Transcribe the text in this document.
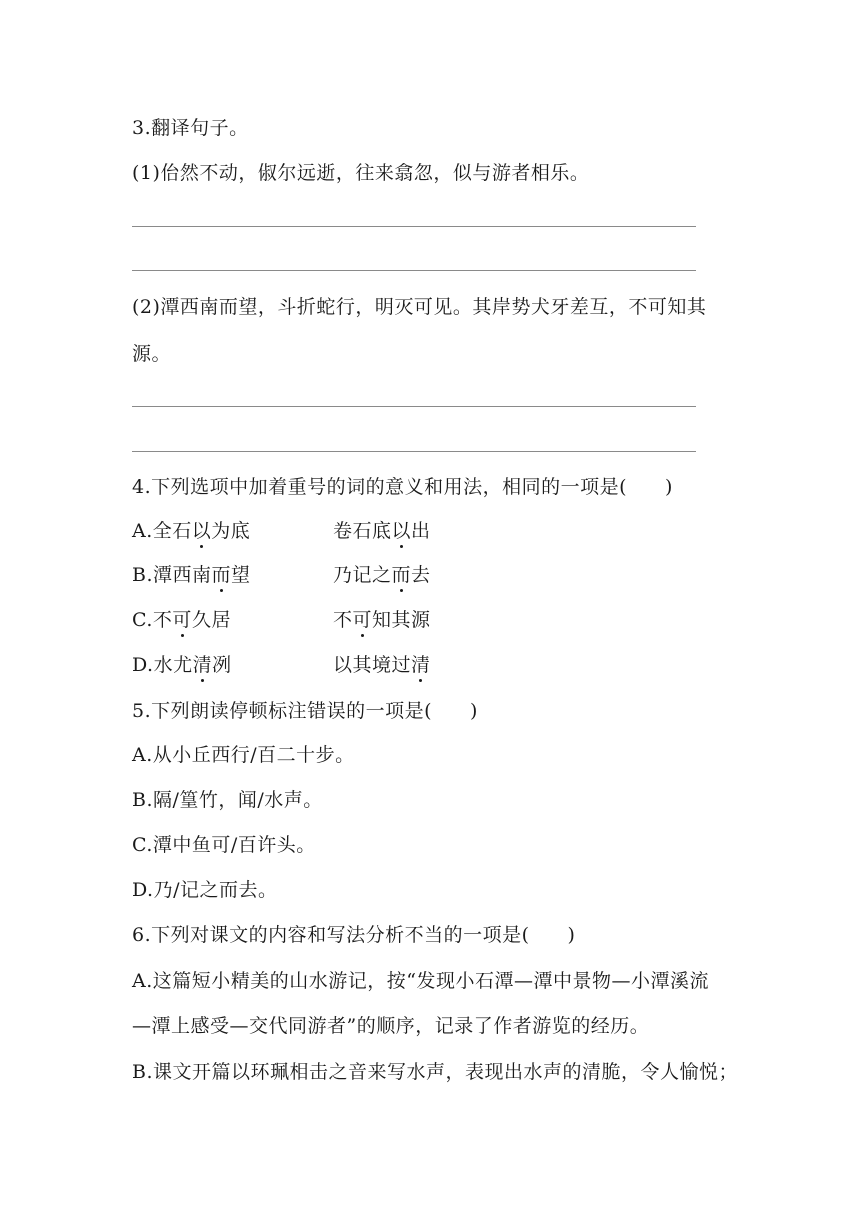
3.翻译句子。
(1)佁然不动，俶尔远逝，往来翕忽，似与游者相乐。
(2)潭西南而望，斗折蛇行，明灭可见。其岸势犬牙差互，不可知其
源。
4.下列选项中加着重号的词的意义和用法，相同的一项是( )
A.全石以为底	卷石底以出
B.潭西南而望	乃记之而去
C.不可久居	不可知其源
D.水尤清冽	以其境过清
5.下列朗读停顿标注错误的一项是( )
A.从小丘西行/百二十步。
B.隔/篁竹，闻/水声。
C.潭中鱼可/百许头。
D.乃/记之而去。
6.下列对课文的内容和写法分析不当的一项是( )
A.这篇短小精美的山水游记，按“发现小石潭—潭中景物—小潭溪流
—潭上感受—交代同游者”的顺序，记录了作者游览的经历。
B.课文开篇以环珮相击之音来写水声，表现出水声的清脆，令人愉悦；
